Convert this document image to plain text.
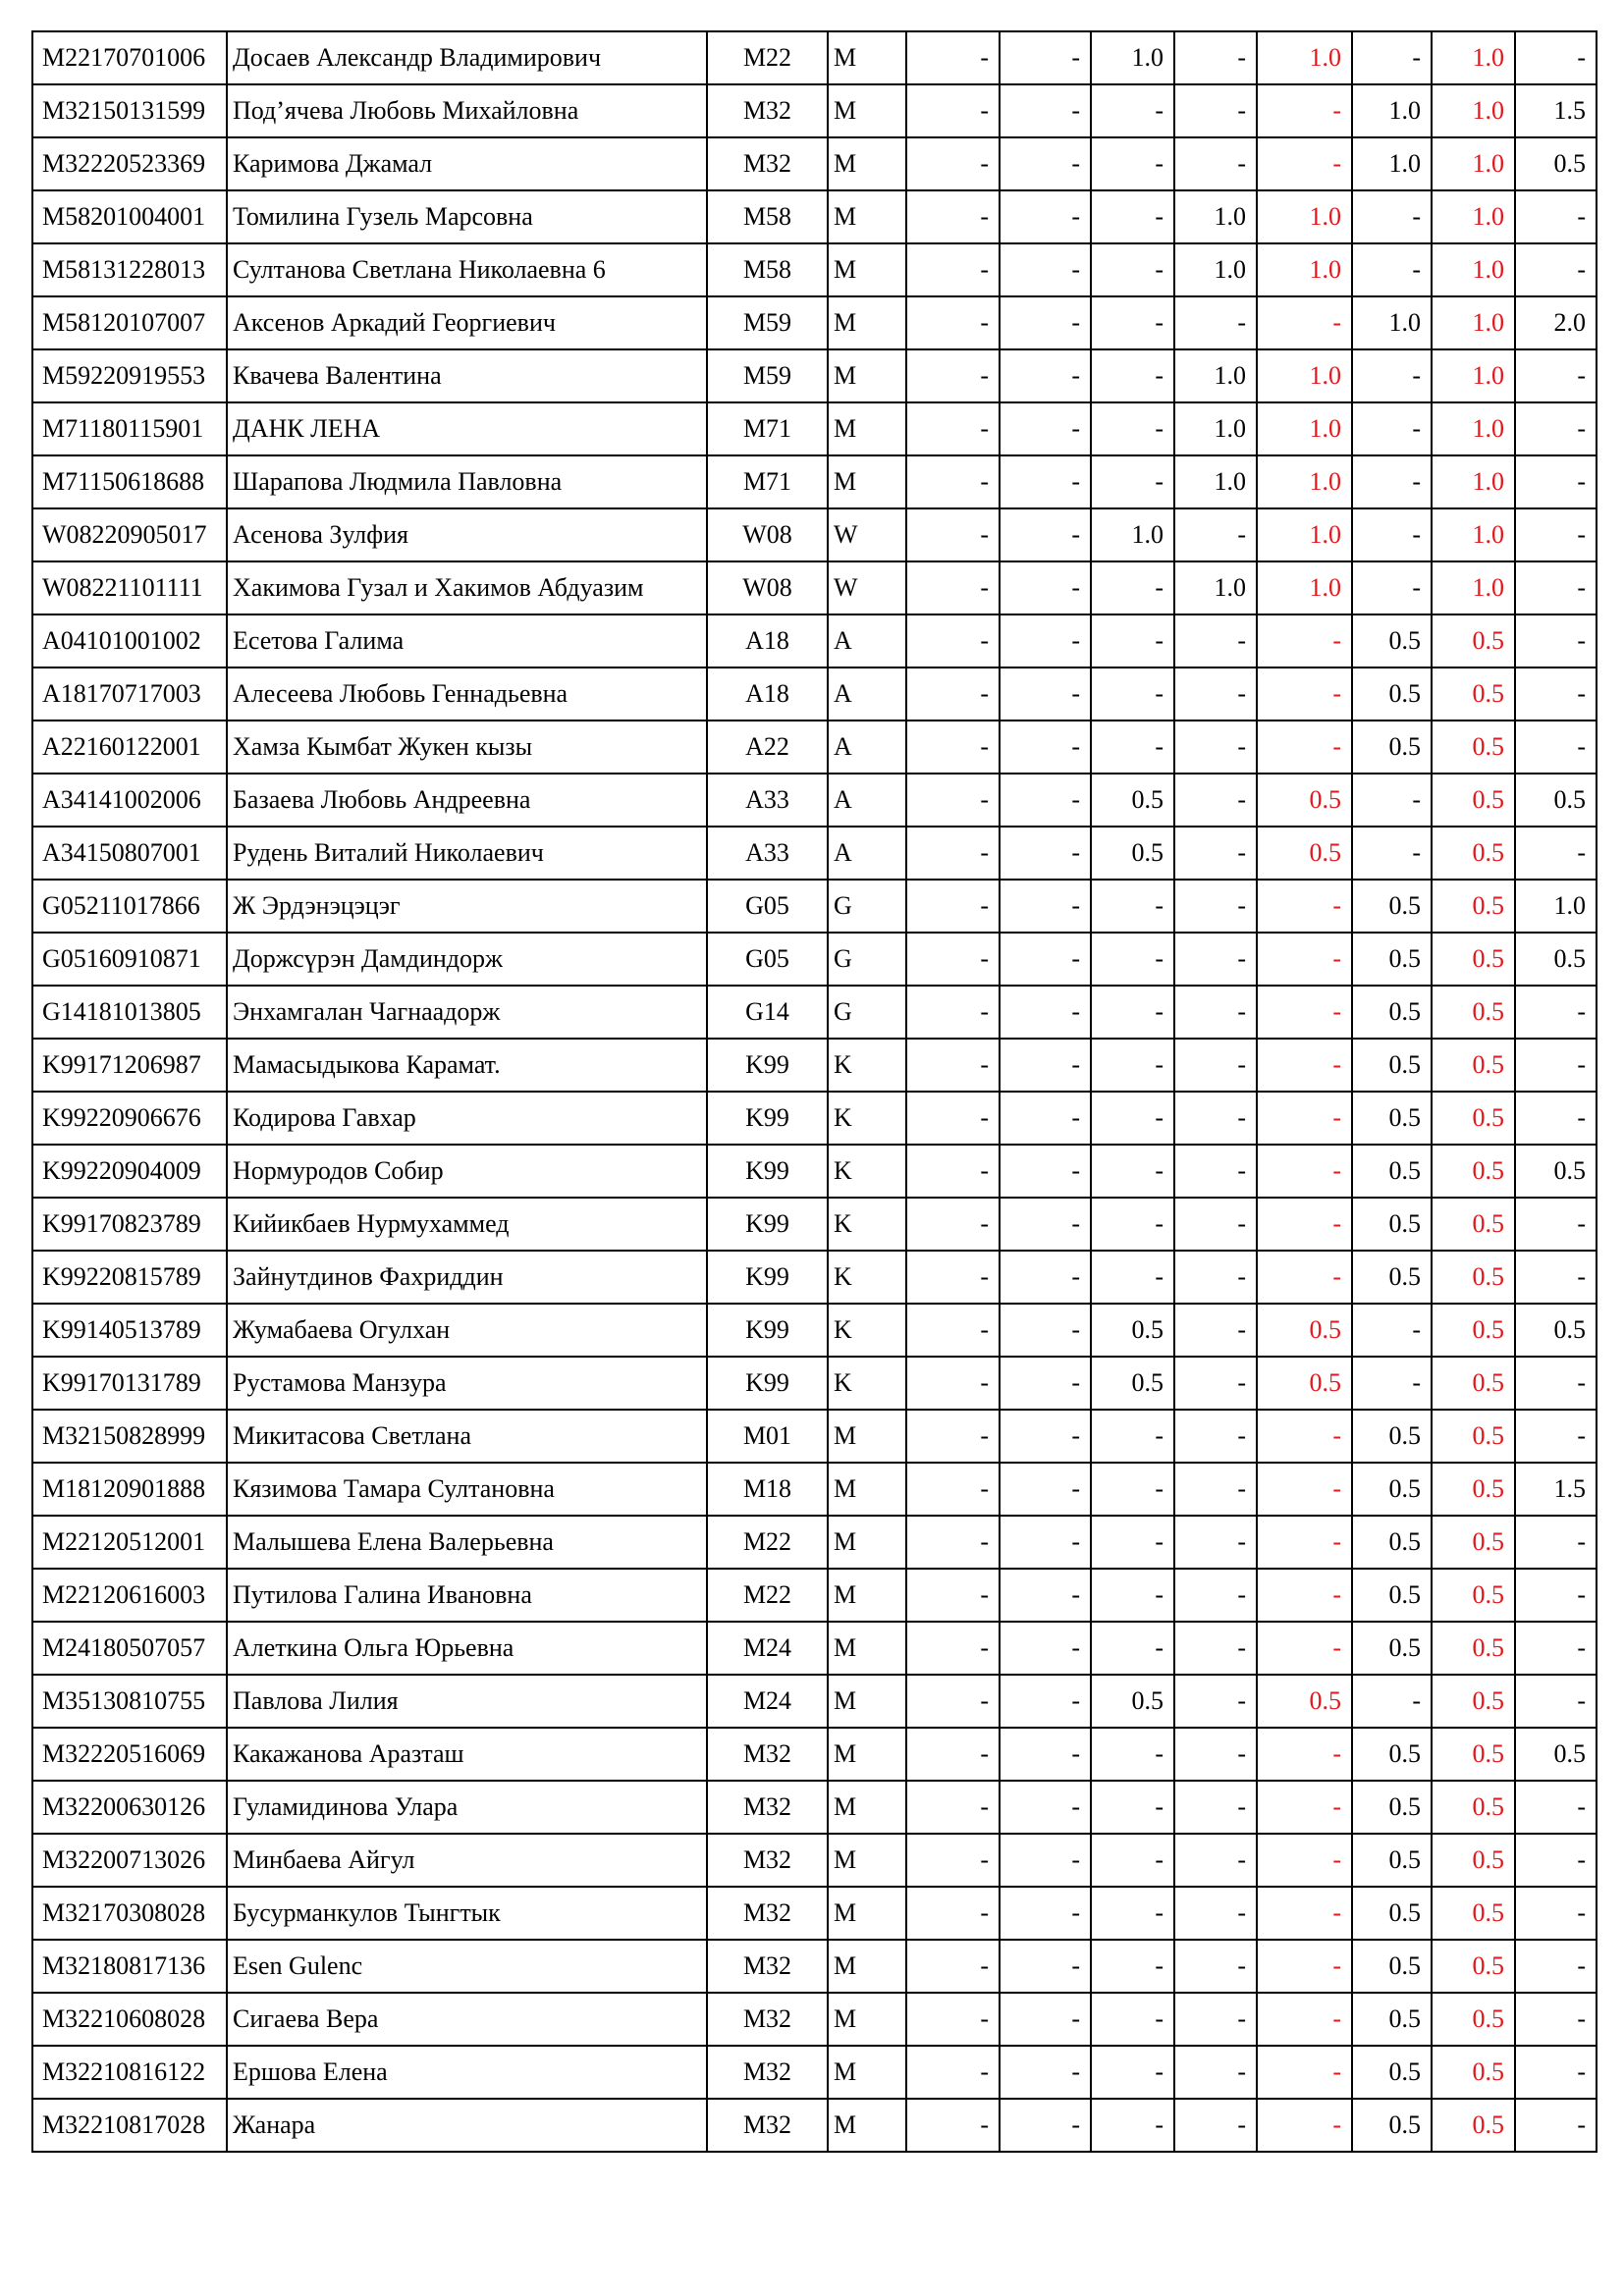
M22170701006	Досаев Александр Владимирович	M22	M	-	-	1.0	-	1.0	-	1.0	-
M32150131599	Под’ячева Любовь Михайловна	M32	M	-	-	-	-	-	1.0	1.0	1.5
M32220523369	Каримова Джамал	M32	M	-	-	-	-	-	1.0	1.0	0.5
M58201004001	Томилина Гузель Марсовна	M58	M	-	-	-	1.0	1.0	-	1.0	-
M58131228013	Султанова Светлана Николаевна 6	M58	M	-	-	-	1.0	1.0	-	1.0	-
M58120107007	Аксенов Аркадий Георгиевич	M59	M	-	-	-	-	-	1.0	1.0	2.0
M59220919553	Квачева Валентина	M59	M	-	-	-	1.0	1.0	-	1.0	-
M71180115901	ДАНК ЛЕНА	M71	M	-	-	-	1.0	1.0	-	1.0	-
M71150618688	Шарапова Людмила Павловна	M71	M	-	-	-	1.0	1.0	-	1.0	-
W08220905017	Асенова Зулфия	W08	W	-	-	1.0	-	1.0	-	1.0	-
W08221101111	Хакимова Гузал и Хакимов Абдуазим	W08	W	-	-	-	1.0	1.0	-	1.0	-
A04101001002	Есетова Галима	A18	A	-	-	-	-	-	0.5	0.5	-
A18170717003	Алесеева Любовь Геннадьевна	A18	A	-	-	-	-	-	0.5	0.5	-
A22160122001	Хамза Кымбат Жукен кызы	A22	A	-	-	-	-	-	0.5	0.5	-
A34141002006	Базаева Любовь Андреевна	A33	A	-	-	0.5	-	0.5	-	0.5	0.5
A34150807001	Рудень Виталий Николаевич	A33	A	-	-	0.5	-	0.5	-	0.5	-
G05211017866	Ж Эрдэнэцэцэг	G05	G	-	-	-	-	-	0.5	0.5	1.0
G05160910871	Доржсүрэн Дамдиндорж	G05	G	-	-	-	-	-	0.5	0.5	0.5
G14181013805	Энхамгалан Чагнаадорж	G14	G	-	-	-	-	-	0.5	0.5	-
K99171206987	Мамасыдыкова Карамат.	K99	K	-	-	-	-	-	0.5	0.5	-
K99220906676	Кодирова Гавхар	K99	K	-	-	-	-	-	0.5	0.5	-
K99220904009	Нормуродов Собир	K99	K	-	-	-	-	-	0.5	0.5	0.5
K99170823789	Кийикбаев Нурмухаммед	K99	K	-	-	-	-	-	0.5	0.5	-
K99220815789	Зайнутдинов Фахриддин	K99	K	-	-	-	-	-	0.5	0.5	-
K99140513789	Жумабаева Огулхан	K99	K	-	-	0.5	-	0.5	-	0.5	0.5
K99170131789	Рустамова Манзура	K99	K	-	-	0.5	-	0.5	-	0.5	-
M32150828999	Микитасова Светлана	M01	M	-	-	-	-	-	0.5	0.5	-
M18120901888	Кязимова Тамара Султановна	M18	M	-	-	-	-	-	0.5	0.5	1.5
M22120512001	Малышева Елена Валерьевна	M22	M	-	-	-	-	-	0.5	0.5	-
M22120616003	Путилова Галина Ивановна	M22	M	-	-	-	-	-	0.5	0.5	-
M24180507057	Алеткина Ольга Юрьевна	M24	M	-	-	-	-	-	0.5	0.5	-
M35130810755	Павлова Лилия	M24	M	-	-	0.5	-	0.5	-	0.5	-
M32220516069	Какажанова Аразташ	M32	M	-	-	-	-	-	0.5	0.5	0.5
M32200630126	Гуламидинова Улара	M32	M	-	-	-	-	-	0.5	0.5	-
M32200713026	Минбаева Айгул	M32	M	-	-	-	-	-	0.5	0.5	-
M32170308028	Бусурманкулов Тынгтык	M32	M	-	-	-	-	-	0.5	0.5	-
M32180817136	Esen Gulenc	M32	M	-	-	-	-	-	0.5	0.5	-
M32210608028	Сигаева Вера	M32	M	-	-	-	-	-	0.5	0.5	-
M32210816122	Ершова Елена	M32	M	-	-	-	-	-	0.5	0.5	-
M32210817028	Жанара	M32	M	-	-	-	-	-	0.5	0.5	-
